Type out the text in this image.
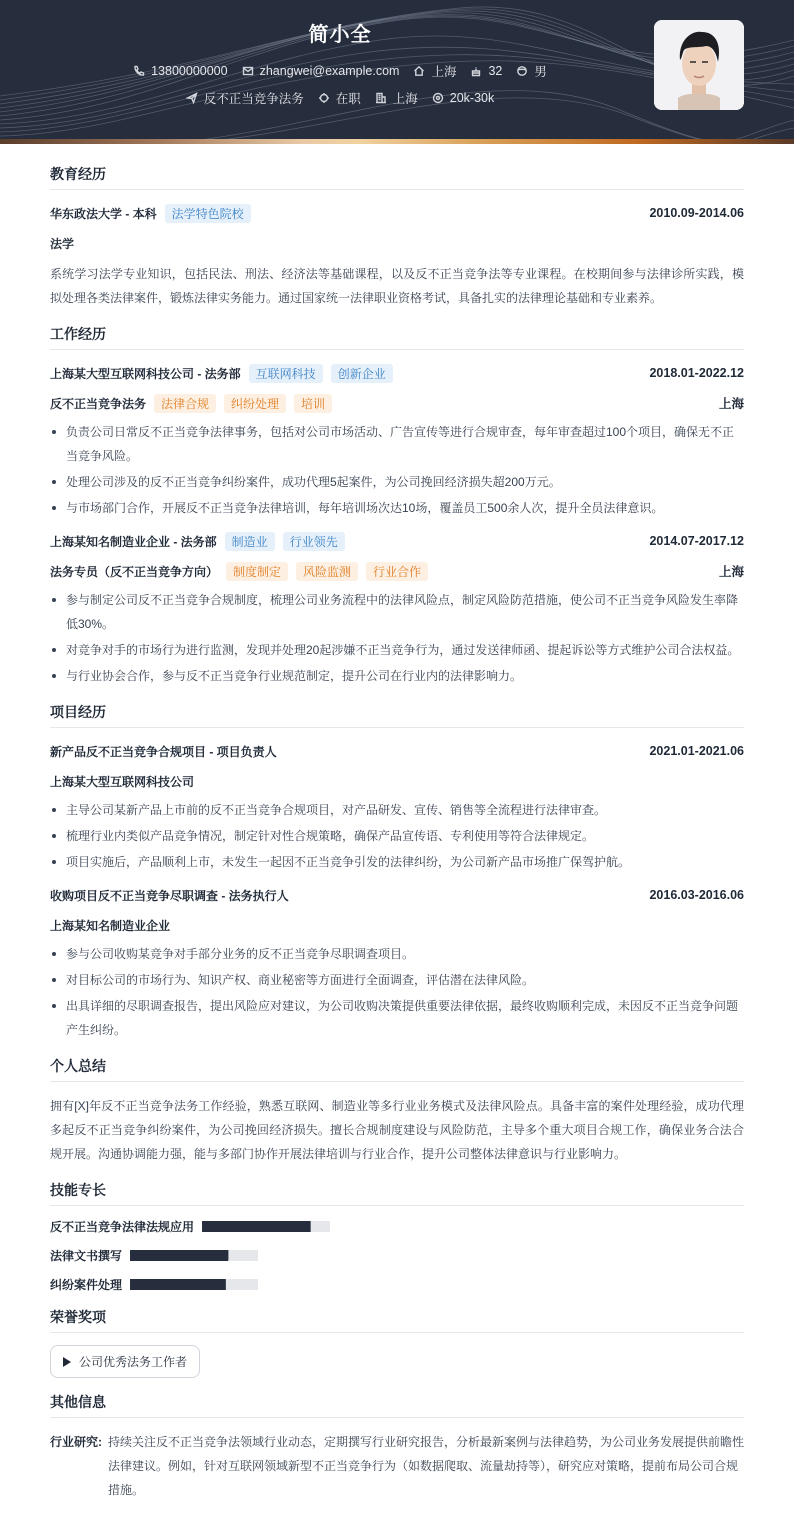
简小全
13800000000	zhangwei@example.com	上海	32	男
反不正当竞争法务	在职	上海	20k-30k
教育经历
华东政法大学 - 本科	法学特色院校	2010.09-2014.06
法学
系统学习法学专业知识，包括民法、刑法、经济法等基础课程，以及反不正当竞争法等专业课程。在校期间参与法律诊所实践，模拟处理各类法律案件，锻炼法律实务能力。通过国家统一法律职业资格考试，具备扎实的法律理论基础和专业素养。
工作经历
上海某大型互联网科技公司 - 法务部	互联网科技	创新企业	2018.01-2022.12
反不正当竞争法务	法律合规	纠纷处理	培训	上海
负责公司日常反不正当竞争法律事务，包括对公司市场活动、广告宣传等进行合规审查，每年审查超过100个项目，确保无不正当竞争风险。
处理公司涉及的反不正当竞争纠纷案件，成功代理5起案件，为公司挽回经济损失超200万元。
与市场部门合作，开展反不正当竞争法律培训，每年培训场次达10场，覆盖员工500余人次，提升全员法律意识。
上海某知名制造业企业 - 法务部	制造业	行业领先	2014.07-2017.12
法务专员（反不正当竞争方向）	制度制定	风险监测	行业合作	上海
参与制定公司反不正当竞争合规制度，梳理公司业务流程中的法律风险点，制定风险防范措施，使公司不正当竞争风险发生率降低30%。
对竞争对手的市场行为进行监测，发现并处理20起涉嫌不正当竞争行为，通过发送律师函、提起诉讼等方式维护公司合法权益。
与行业协会合作，参与反不正当竞争行业规范制定，提升公司在行业内的法律影响力。
项目经历
新产品反不正当竞争合规项目 - 项目负责人	2021.01-2021.06
上海某大型互联网科技公司
主导公司某新产品上市前的反不正当竞争合规项目，对产品研发、宣传、销售等全流程进行法律审查。
梳理行业内类似产品竞争情况，制定针对性合规策略，确保产品宣传语、专利使用等符合法律规定。
项目实施后，产品顺利上市，未发生一起因不正当竞争引发的法律纠纷，为公司新产品市场推广保驾护航。
收购项目反不正当竞争尽职调查 - 法务执行人	2016.03-2016.06
上海某知名制造业企业
参与公司收购某竞争对手部分业务的反不正当竞争尽职调查项目。
对目标公司的市场行为、知识产权、商业秘密等方面进行全面调查，评估潜在法律风险。
出具详细的尽职调查报告，提出风险应对建议，为公司收购决策提供重要法律依据，最终收购顺利完成，未因反不正当竞争问题产生纠纷。
个人总结
拥有[X]年反不正当竞争法务工作经验，熟悉互联网、制造业等多行业业务模式及法律风险点。具备丰富的案件处理经验，成功代理多起反不正当竞争纠纷案件，为公司挽回经济损失。擅长合规制度建设与风险防范，主导多个重大项目合规工作，确保业务合法合规开展。沟通协调能力强，能与多部门协作开展法律培训与行业合作，提升公司整体法律意识与行业影响力。
技能专长
反不正当竞争法律法规应用
法律文书撰写
纠纷案件处理
荣誉奖项
公司优秀法务工作者
其他信息
行业研究: 持续关注反不正当竞争法领域行业动态，定期撰写行业研究报告，分析最新案例与法律趋势，为公司业务发展提供前瞻性法律建议。例如，针对互联网领域新型不正当竞争行为（如数据爬取、流量劫持等），研究应对策略，提前布局公司合规措施。
